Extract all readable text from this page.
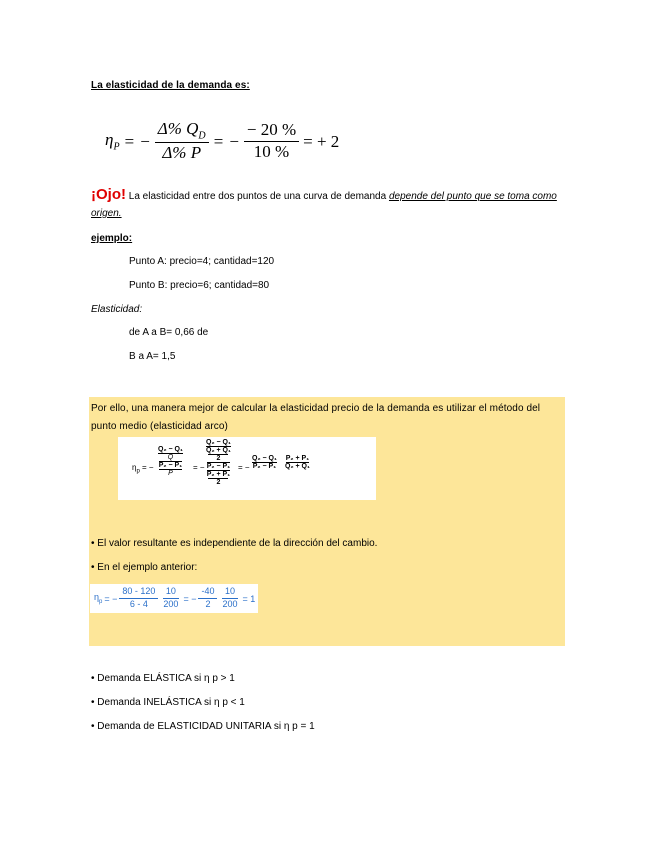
La elasticidad de la demanda es:
$\eta_P$ = − $\frac{\Delta\% Q_D}{\Delta\% P}$ = − $\frac{- 20 \%}{10 \%}$ = + 2
¡Ojo! La elasticidad entre dos puntos de una curva de demanda depende del punto que se toma como origen.
ejemplo:
Punto A: precio=4; cantidad=120
Punto B: precio=6; cantidad=80
Elasticidad:
de A a B= 0,66 de
B a A= 1,5
Por ello, una manera mejor de calcular la elasticidad precio de la demanda es utilizar el método del punto medio (elasticidad arco)
$\eta_p$ = −
Q₂ − Q₁
Q
P₂ − P₁
P
= −
Q₂ − Q₁
Q₂ + Q₁
2
P₂ − P₁
P₂ + P₁
2
= −
Q₂ − Q₁
P₂ − P₁
P₂ + P₁
Q₂ + Q₁
• El valor resultante es independiente de la dirección del cambio.
• En el ejemplo anterior:
$\eta_p$ = − $\frac{80 - 120}{6 - 4} \frac{10}{200}$ = − $\frac{-40}{2} \frac{10}{200} = 1$
• Demanda ELÁSTICA si η p > 1
• Demanda INELÁSTICA si η p < 1
• Demanda de ELASTICIDAD UNITARIA si η p = 1
